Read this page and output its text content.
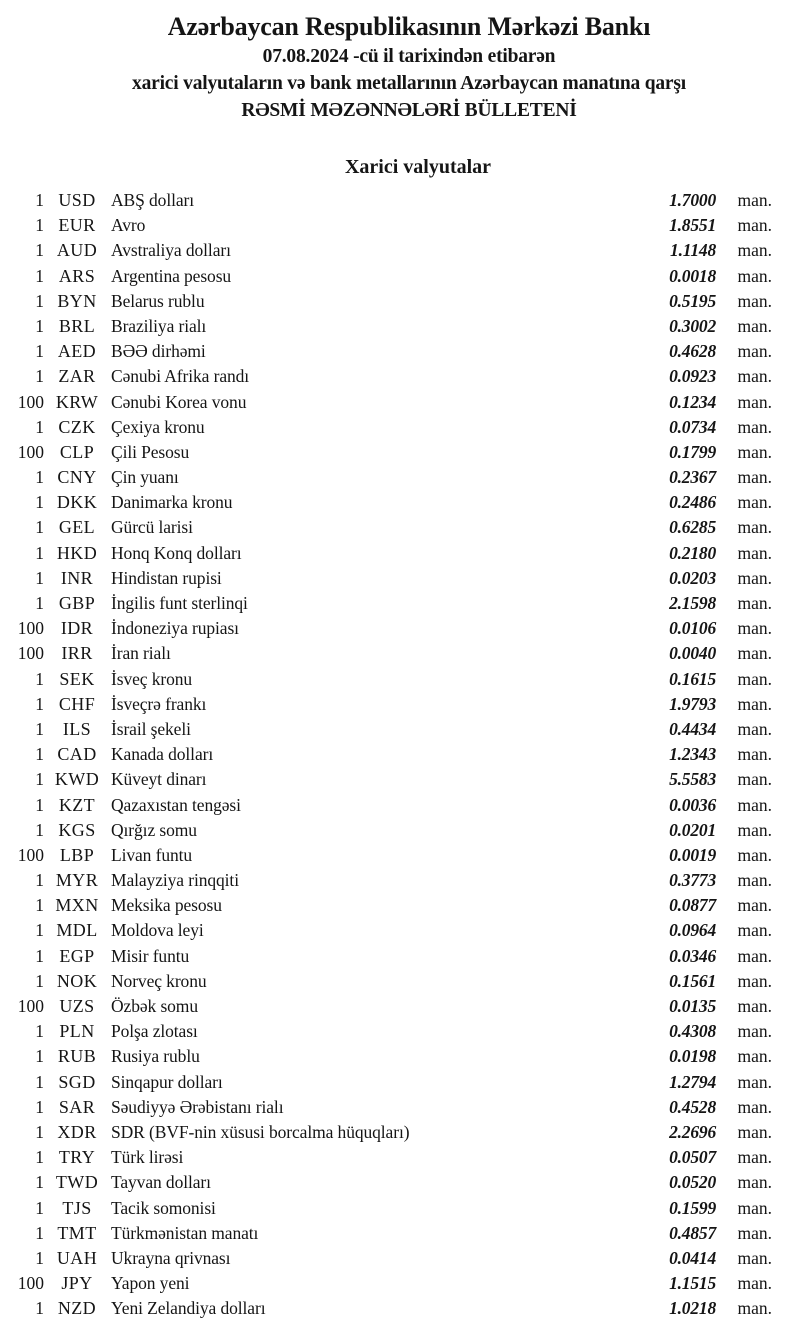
Azərbaycan Respublikasının Mərkəzi Bankı
07.08.2024 -cü il tarixindən etibarən
xarici valyutaların və bank metallarının Azərbaycan manatına qarşı
RƏSMİ MƏZƏNNƏLƏRİ BÜLLETENİ
Xarici valyutalar
1 USD ABŞ dolları	1.7000	man.
1 EUR Avro	1.8551	man.
1 AUD Avstraliya dolları	1.1148	man.
1 ARS Argentina pesosu	0.0018	man.
1 BYN Belarus rublu	0.5195	man.
1 BRL Braziliya rialı	0.3002	man.
1 AED BƏƏ dirhəmi	0.4628	man.
1 ZAR Cənubi Afrika randı	0.0923	man.
100 KRW Cənubi Korea vonu	0.1234	man.
1 CZK Çexiya kronu	0.0734	man.
100 CLP Çili Pesosu	0.1799	man.
1 CNY Çin yuanı	0.2367	man.
1 DKK Danimarka kronu	0.2486	man.
1 GEL Gürcü larisi	0.6285	man.
1 HKD Honq Konq dolları	0.2180	man.
1 INR	Hindistan rupisi	0.0203	man.
1 GBP İngilis funt sterlinqi	2.1598	man.
100 IDR	İndoneziya rupiası	0.0106	man.
100 IRR	İran rialı	0.0040	man.
1 SEK İsveç kronu	0.1615	man.
1 CHF İsveçrə frankı	1.9793	man.
1	ILS	İsrail şekeli	0.4434	man.
1 CAD Kanada dolları	1.2343	man.
1 KWD Küveyt dinarı	5.5583	man.
1 KZT Qazaxıstan tengəsi	0.0036	man.
1 KGS Qırğız somu	0.0201	man.
100 LBP Livan funtu	0.0019	man.
1 MYR Malayziya rinqqiti	0.3773	man.
1 MXN Meksika pesosu	0.0877	man.
1 MDL Moldova leyi	0.0964	man.
1 EGP Misir funtu	0.0346	man.
1 NOK Norveç kronu	0.1561	man.
100 UZS Özbək somu	0.0135	man.
1 PLN Polşa zlotası	0.4308	man.
1 RUB Rusiya rublu	0.0198	man.
1 SGD Sinqapur dolları	1.2794	man.
1 SAR Səudiyyə Ərəbistanı rialı	0.4528	man.
1 XDR SDR (BVF-nin xüsusi borcalma hüquqları)	2.2696	man.
1 TRY Türk lirəsi	0.0507	man.
1 TWD Tayvan dolları	0.0520	man.
1	TJS	Tacik somonisi	0.1599	man.
1 TMT Türkmənistan manatı	0.4857	man.
1 UAH Ukrayna qrivnası	0.0414	man.
100 JPY	Yapon yeni	1.1515	man.
1 NZD Yeni Zelandiya dolları	1.0218	man.
